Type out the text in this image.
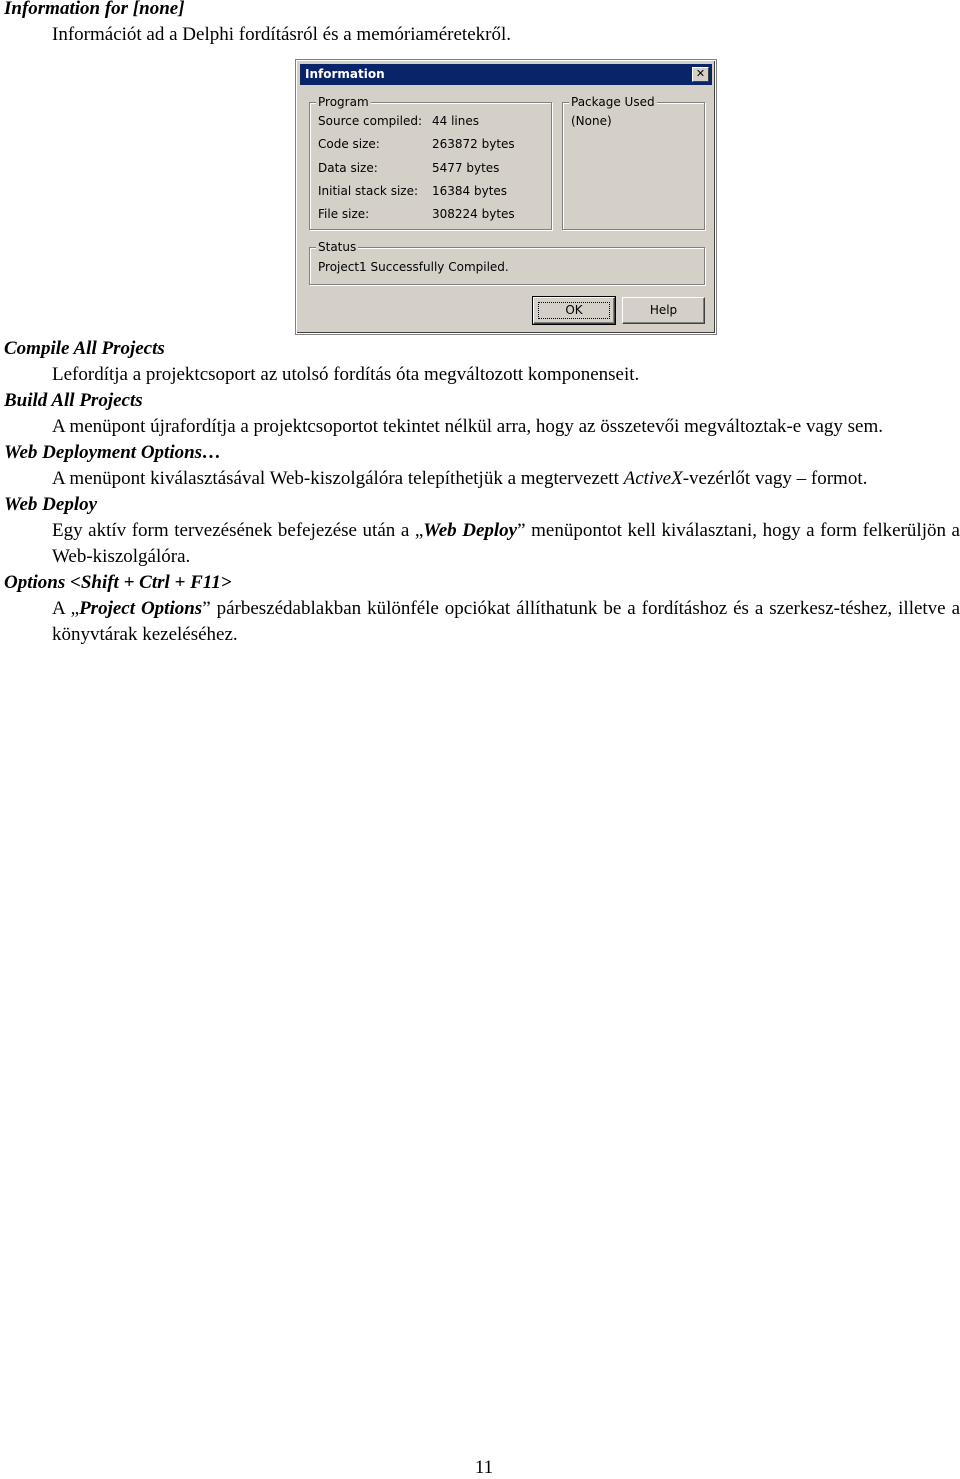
Information for [none]
Információt ad a Delphi fordításról és a memóriaméretekről.
Information	✕
Program
Source compiled: 44 lines
Code size:	263872 bytes
Data size:	5477 bytes
Initial stack size: 16384 bytes
File size:	308224 bytes
Package Used
(None)
Status
Project1 Successfully Compiled.
OK	Help
Compile All Projects
Lefordítja a projektcsoport az utolsó fordítás óta megváltozott komponenseit.
Build All Projects
A menüpont újrafordítja a projektcsoportot tekintet nélkül arra, hogy az összetevői megváltoztak-e vagy sem.
Web Deployment Options…
A menüpont kiválasztásával Web-kiszolgálóra telepíthetjük a megtervezett ActiveX-vezérlőt vagy – formot.
Web Deploy
Egy aktív form tervezésének befejezése után a „Web Deploy” menüpontot kell kiválasztani, hogy a form felkerüljön a Web-kiszolgálóra.
Options <Shift + Ctrl + F11>
A „Project Options” párbeszédablakban különféle opciókat állíthatunk be a fordításhoz és a szerkesz-téshez, illetve a könyvtárak kezeléséhez.
11
